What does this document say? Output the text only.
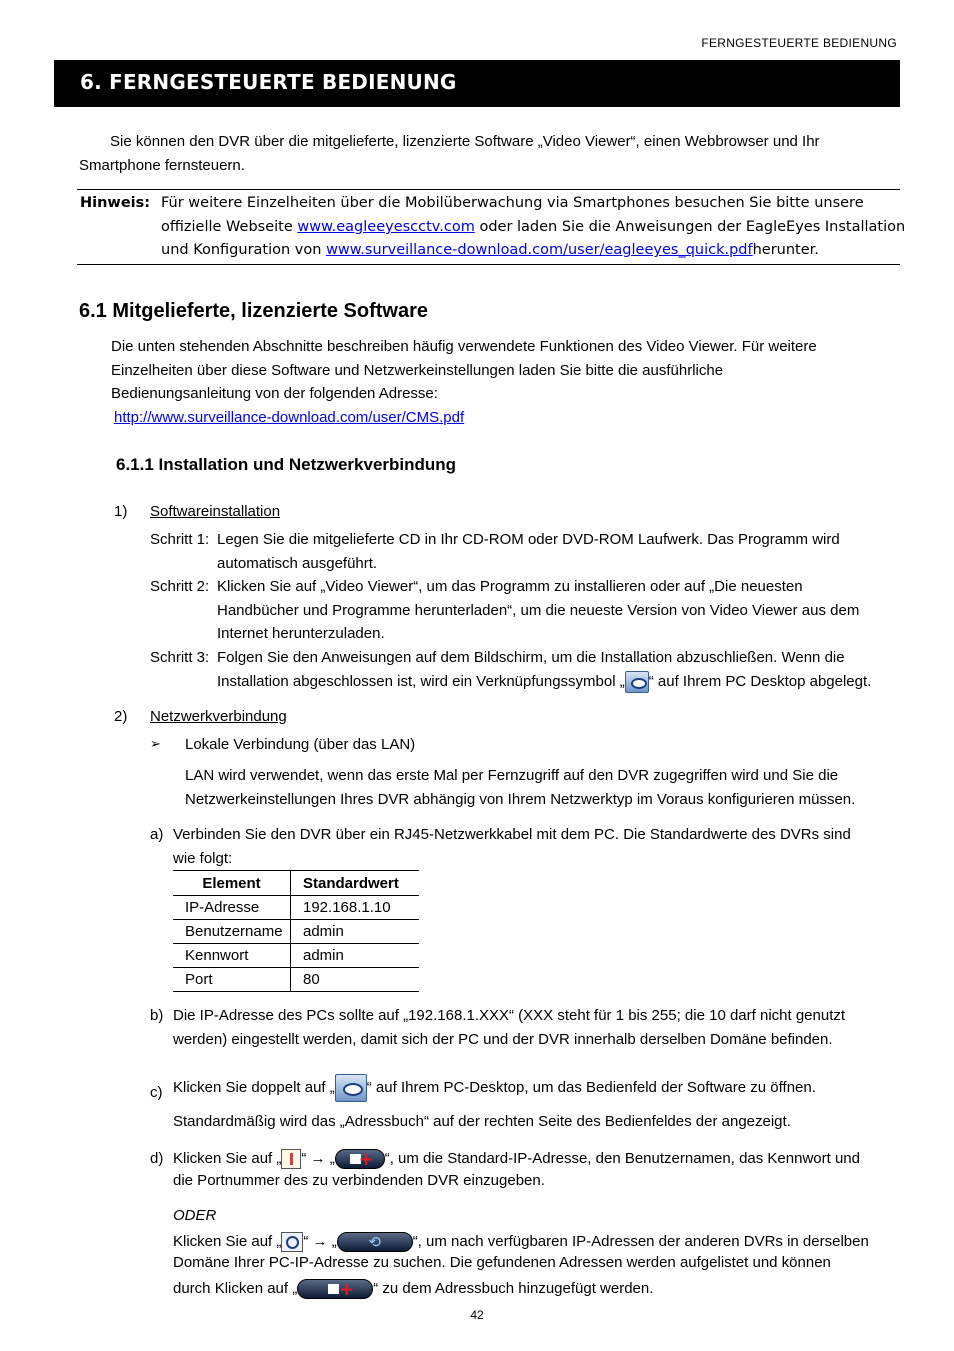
FERNGESTEUERTE BEDIENUNG
6. FERNGESTEUERTE BEDIENUNG
Sie können den DVR über die mitgelieferte, lizenzierte Software „Video Viewer“, einen Webbrowser und Ihr
Smartphone fernsteuern.
Hinweis: Für weitere Einzelheiten über die Mobilüberwachung via Smartphones besuchen Sie bitte unsere
offizielle Webseite www.eagleeyescctv.com oder laden Sie die Anweisungen der EagleEyes Installation
und Konfiguration von www.surveillance-download.com/user/eagleeyes_quick.pdfherunter.
6.1 Mitgelieferte, lizenzierte Software
Die unten stehenden Abschnitte beschreiben häufig verwendete Funktionen des Video Viewer. Für weitere
Einzelheiten über diese Software und Netzwerkeinstellungen laden Sie bitte die ausführliche
Bedienungsanleitung von der folgenden Adresse:
http://www.surveillance-download.com/user/CMS.pdf
6.1.1 Installation und Netzwerkverbindung
1) Softwareinstallation
Schritt 1: Legen Sie die mitgelieferte CD in Ihr CD-ROM oder DVD-ROM Laufwerk. Das Programm wird
automatisch ausgeführt.
Schritt 2: Klicken Sie auf „Video Viewer“, um das Programm zu installieren oder auf „Die neuesten
Handbücher und Programme herunterladen“, um die neueste Version von Video Viewer aus dem
Internet herunterzuladen.
Schritt 3: Folgen Sie den Anweisungen auf dem Bildschirm, um die Installation abzuschließen. Wenn die
Installation abgeschlossen ist, wird ein Verknüpfungssymbol „ “ auf Ihrem PC Desktop abgelegt.
2) Netzwerkverbindung
➢ Lokale Verbindung (über das LAN)
LAN wird verwendet, wenn das erste Mal per Fernzugriff auf den DVR zugegriffen wird und Sie die
Netzwerkeinstellungen Ihres DVR abhängig von Ihrem Netzwerktyp im Voraus konfigurieren müssen.
a) Verbinden Sie den DVR über ein RJ45-Netzwerkkabel mit dem PC. Die Standardwerte des DVRs sind
wie folgt:
Element	Standardwert
IP-Adresse	192.168.1.10
Benutzername	admin
Kennwort	admin
Port	80
b) Die IP-Adresse des PCs sollte auf „192.168.1.XXX“ (XXX steht für 1 bis 255; die 10 darf nicht genutzt
werden) eingestellt werden, damit sich der PC und der DVR innerhalb derselben Domäne befinden.
c) Klicken Sie doppelt auf „ “ auf Ihrem PC-Desktop, um das Bedienfeld der Software zu öffnen.
Standardmäßig wird das „Adressbuch“ auf der rechten Seite des Bedienfeldes der angezeigt.
d) Klicken Sie auf „ “ → „ + “, um die Standard-IP-Adresse, den Benutzernamen, das Kennwort und
die Portnummer des zu verbindenden DVR einzugeben.
ODER
Klicken Sie auf „ “ → „	⟲	“, um nach verfügbaren IP-Adressen der anderen DVRs in derselben
Domäne Ihrer PC-IP-Adresse zu suchen. Die gefundenen Adressen werden aufgelistet und können
durch Klicken auf „ + “ zu dem Adressbuch hinzugefügt werden.
42
